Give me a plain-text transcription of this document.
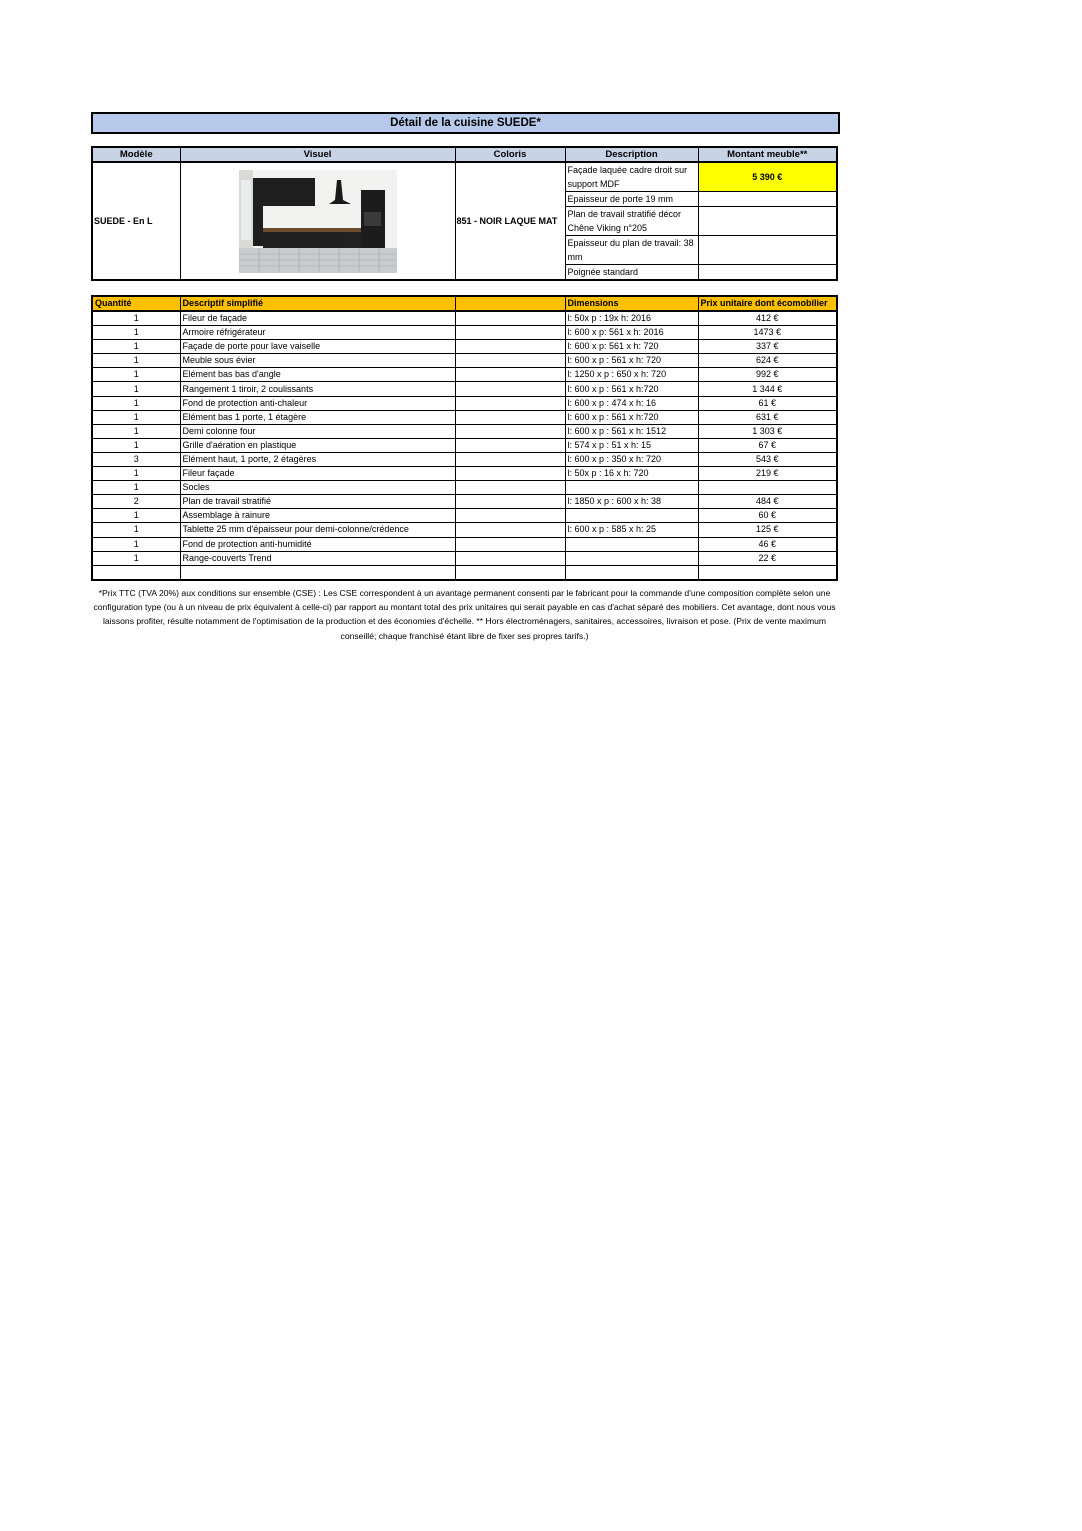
Détail de la cuisine SUEDE*
Modèle	Visuel	Coloris	Description	Montant meuble**
SUEDE - En L		851 - NOIR LAQUE MAT	Façade laquée cadre droit sur support MDF	5 390 €
			Epaisseur de porte 19 mm	
			Plan de travail stratifié décor Chêne Viking n°205	
			Epaisseur du plan de travail: 38 mm	
			Poignée standard	
Quantité	Descriptif simplifié		Dimensions	Prix unitaire dont écomobilier
1	Fileur de façade		l: 50x p : 19x h: 2016	412 €
1	Armoire réfrigérateur		l: 600 x p: 561 x h: 2016	1473 €
1	Façade de porte pour lave vaiselle		l: 600 x p: 561 x h: 720	337 €
1	Meuble sous évier		l: 600 x p : 561 x h: 720	624 €
1	Elément bas bas d'angle		l: 1250 x p : 650 x h: 720	992 €
1	Rangement 1 tiroir, 2 coulissants		l: 600 x p : 561 x h:720	1 344 €
1	Fond de protection anti-chaleur		l: 600 x p : 474 x h: 16	61 €
1	Elément bas 1 porte, 1 étagère		l: 600 x p : 561 x h:720	631 €
1	Demi colonne four		l: 600 x p : 561 x h: 1512	1 303 €
1	Grille d'aération en plastique		l: 574 x p : 51 x h: 15	67 €
3	Elément haut, 1 porte, 2 étagères		l: 600 x p : 350 x h: 720	543 €
1	Fileur façade		l: 50x p : 16 x h: 720	219 €
1	Socles			
2	Plan de travail stratifié		l: 1850 x p : 600 x h: 38	484 €
1	Assemblage à rainure			60 €
1	Tablette 25 mm d'épaisseur pour demi-colonne/crédence		l: 600 x p : 585 x h: 25	125 €
1	Fond de protection anti-humidité			46 €
1	Range-couverts Trend			22 €

*Prix TTC (TVA 20%) aux conditions sur ensemble (CSE) : Les CSE correspondent à un avantage permanent consenti par le fabricant pour la commande d'une composition complète selon une configuration type (ou à un niveau de prix équivalent à celle-ci) par rapport au montant total des prix unitaires qui serait payable en cas d'achat séparé des mobiliers. Cet avantage, dont nous vous laissons profiter, résulte notamment de l'optimisation de la production et des économies d'échelle. ** Hors électroménagers, sanitaires, accessoires, livraison et pose. (Prix de vente maximum conseillé; chaque franchisé étant libre de fixer ses propres tarifs.)
